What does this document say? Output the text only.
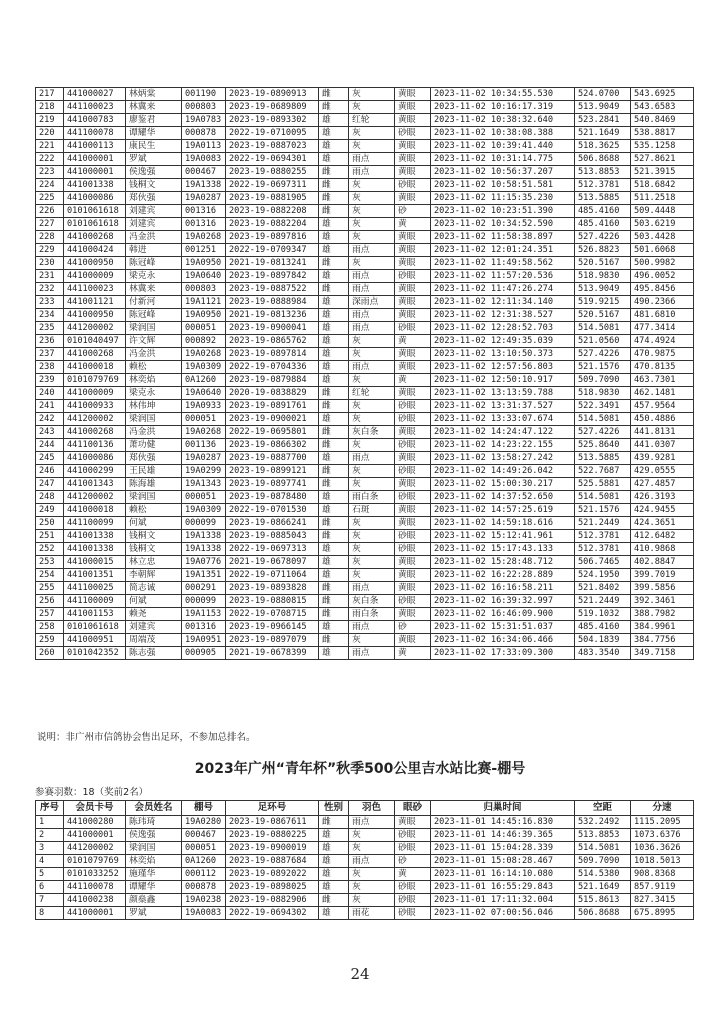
217	441000027	林炳棠	001190	2023-19-0890913	雌	灰	黄眼	2023-11-02 10:34:55.530	524.0700	543.6925
218	441100023	林冀来	000803	2023-19-0689809	雌	灰	黄眼	2023-11-02 10:16:17.319	513.9049	543.6583
219	441000783	廖鉴君	19A0783	2023-19-0893302	雄	红轮	黄眼	2023-11-02 10:38:32.640	523.2841	540.8469
220	441100078	谭耀华	000878	2022-19-0710095	雄	灰	砂眼	2023-11-02 10:38:08.388	521.1649	538.8817
221	441000113	康民生	19A0113	2023-19-0887023	雄	灰	黄眼	2023-11-02 10:39:41.440	518.3625	535.1258
222	441000001	罗斌	19A0083	2022-19-0694301	雄	雨点	黄眼	2023-11-02 10:31:14.775	506.8688	527.8621
223	441000001	侯逸强	000467	2023-19-0880255	雌	雨点	黄眼	2023-11-02 10:56:37.207	513.8853	521.3915
224	441001338	钱桐文	19A1338	2022-19-0697311	雌	灰	砂眼	2023-11-02 10:58:51.581	512.3781	518.6842
225	441000086	郑伙强	19A0287	2023-19-0881905	雌	灰	黄眼	2023-11-02 11:15:35.230	513.5885	511.2518
226	0101061618	刘建宾	001316	2023-19-0882208	雌	灰	砂	2023-11-02 10:23:51.390	485.4160	509.4448
227	0101061618	刘建宾	001316	2023-19-0882204	雄	灰	黄	2023-11-02 10:34:52.590	485.4160	503.6219
228	441000268	冯金洪	19A0268	2023-19-0897816	雄	灰	黄眼	2023-11-02 11:58:38.897	527.4226	503.4428
229	441000424	韩进	001251	2022-19-0709347	雄	雨点	黄眼	2023-11-02 12:01:24.351	526.8823	501.6068
230	441000950	陈冠峰	19A0950	2021-19-0813241	雌	灰	黄眼	2023-11-02 11:49:58.562	520.5167	500.9982
231	441000009	梁克永	19A0640	2023-19-0897842	雄	雨点	砂眼	2023-11-02 11:57:20.536	518.9830	496.0052
232	441100023	林冀来	000803	2023-19-0887522	雌	雨点	黄眼	2023-11-02 11:47:26.274	513.9049	495.8456
233	441001121	付新河	19A1121	2023-19-0888984	雄	深雨点	黄眼	2023-11-02 12:11:34.140	519.9215	490.2366
234	441000950	陈冠峰	19A0950	2021-19-0813236	雄	雨点	黄眼	2023-11-02 12:31:38.527	520.5167	481.6810
235	441200002	梁润国	000051	2023-19-0900041	雄	雨点	砂眼	2023-11-02 12:28:52.703	514.5081	477.3414
236	0101040497	许文辉	000892	2023-19-0865762	雄	灰	黄	2023-11-02 12:49:35.039	521.0560	474.4924
237	441000268	冯金洪	19A0268	2023-19-0897814	雄	灰	黄眼	2023-11-02 13:10:50.373	527.4226	470.9875
238	441000018	赖松	19A0309	2022-19-0704336	雄	雨点	黄眼	2023-11-02 12:57:56.803	521.1576	470.8135
239	0101079769	林奕焰	0A1260	2023-19-0879884	雄	灰	黄	2023-11-02 12:50:10.917	509.7090	463.7301
240	441000009	梁克永	19A0640	2020-19-0838829	雌	红轮	黄眼	2023-11-02 13:13:59.788	518.9830	462.1481
241	441000933	林伟坤	19A0933	2023-19-0891761	雌	灰	砂眼	2023-11-02 13:31:37.527	522.3491	457.9564
242	441200002	梁润国	000051	2023-19-0900021	雄	灰	砂眼	2023-11-02 13:33:07.674	514.5081	450.4886
243	441000268	冯金洪	19A0268	2022-19-0695801	雌	灰白条	黄眼	2023-11-02 14:24:47.122	527.4226	441.8131
244	441100136	萧功健	001136	2023-19-0866302	雌	灰	砂眼	2023-11-02 14:23:22.155	525.8640	441.0307
245	441000086	郑伙强	19A0287	2023-19-0887700	雄	雨点	黄眼	2023-11-02 13:58:27.242	513.5885	439.9281
246	441000299	王民雄	19A0299	2023-19-0899121	雌	灰	砂眼	2023-11-02 14:49:26.042	522.7687	429.0555
247	441001343	陈海雄	19A1343	2023-19-0897741	雌	灰	黄眼	2023-11-02 15:00:30.217	525.5881	427.4857
248	441200002	梁润国	000051	2023-19-0878480	雄	雨白条	砂眼	2023-11-02 14:37:52.650	514.5081	426.3193
249	441000018	赖松	19A0309	2022-19-0701530	雄	石斑	黄眼	2023-11-02 14:57:25.619	521.1576	424.9455
250	441100099	何斌	000099	2023-19-0866241	雌	灰	黄眼	2023-11-02 14:59:18.616	521.2449	424.3651
251	441001338	钱桐文	19A1338	2023-19-0885043	雌	灰	砂眼	2023-11-02 15:12:41.961	512.3781	412.6482
252	441001338	钱桐文	19A1338	2022-19-0697313	雄	灰	砂眼	2023-11-02 15:17:43.133	512.3781	410.9868
253	441000015	林立忠	19A0776	2021-19-0678097	雄	灰	黄眼	2023-11-02 15:28:48.712	506.7465	402.8847
254	441001351	李朝辉	19A1351	2022-19-0711064	雄	灰	黄眼	2023-11-02 16:22:28.889	524.1950	399.7019
255	441100025	简志诚	000291	2023-19-0893828	雌	雨点	黄眼	2023-11-02 16:16:58.211	521.8402	399.5856
256	441100009	何斌	000099	2023-19-0880815	雌	灰白条	砂眼	2023-11-02 16:39:32.997	521.2449	392.3461
257	441001153	赖尧	19A1153	2022-19-0708715	雌	雨白条	黄眼	2023-11-02 16:46:09.900	519.1032	388.7982
258	0101061618	刘建宾	001316	2023-19-0966145	雄	雨点	砂	2023-11-02 15:31:51.037	485.4160	384.9961
259	441000951	周端茂	19A0951	2023-19-0897079	雌	灰	黄眼	2023-11-02 16:34:06.466	504.1839	384.7756
260	0101042352	陈志强	000905	2021-19-0678399	雄	雨点	黄	2023-11-02 17:33:09.300	483.3540	349.7158
说明：非广州市信鸽协会售出足环，不参加总排名。
2023年广州“青年杯”秋季500公里吉水站比赛-棚号
参赛羽数：18（奖前2名）
序号	会员卡号	会员姓名	棚号	足环号	性别	羽色	眼砂	归巢时间	空距	分速
1	441000280	陈玮琦	19A0280	2023-19-0867611	雌	雨点	黄眼	2023-11-01 14:45:16.830	532.2492	1115.2095
2	441000001	侯逸强	000467	2023-19-0880225	雄	灰	砂眼	2023-11-01 14:46:39.365	513.8853	1073.6376
3	441200002	梁润国	000051	2023-19-0900019	雄	灰	砂眼	2023-11-01 15:04:28.339	514.5081	1036.3626
4	0101079769	林奕焰	0A1260	2023-19-0887684	雄	雨点	砂	2023-11-01 15:08:28.467	509.7090	1018.5013
5	0101033252	施瑾华	000112	2023-19-0892022	雄	灰	黄	2023-11-01 16:14:10.080	514.5380	908.8368
6	441100078	谭耀华	000878	2023-19-0898025	雄	灰	砂眼	2023-11-01 16:55:29.843	521.1649	857.9119
7	441000238	颜燊鑫	19A0238	2023-19-0882906	雌	灰	砂眼	2023-11-01 17:11:32.004	515.8613	827.3415
8	441000001	罗斌	19A0083	2022-19-0694302	雄	雨花	砂眼	2023-11-02 07:00:56.046	506.8688	675.8995
24
